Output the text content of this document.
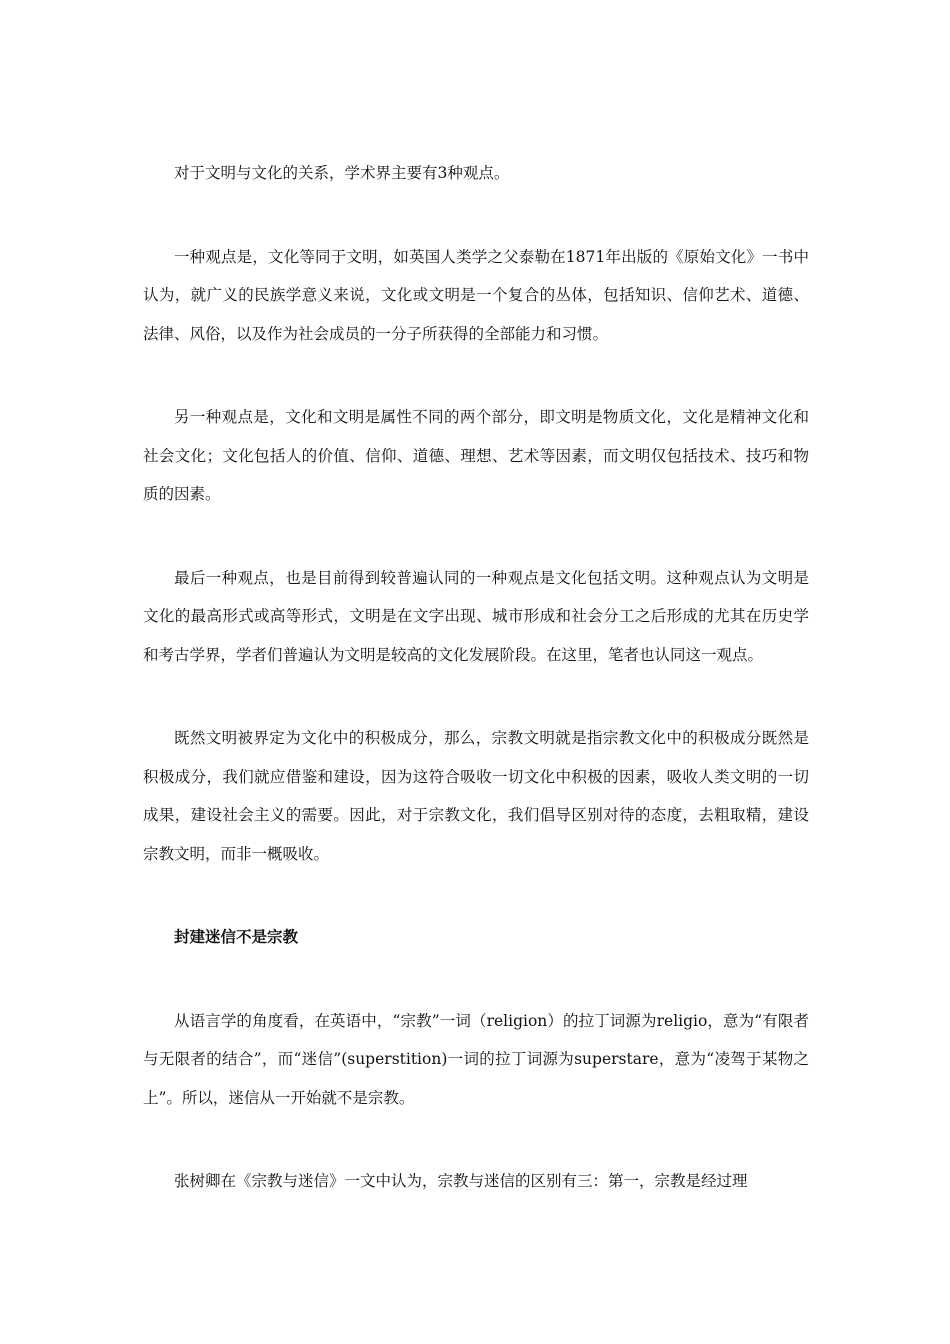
对于文明与文化的关系，学术界主要有3种观点。

一种观点是，文化等同于文明，如英国人类学之父泰勒在1871年出版的《原始文化》一书中认为，就广义的民族学意义来说，文化或文明是一个复合的丛体，包括知识、信仰艺术、道德、法律、风俗，以及作为社会成员的一分子所获得的全部能力和习惯。

另一种观点是，文化和文明是属性不同的两个部分，即文明是物质文化，文化是精神文化和社会文化；文化包括人的价值、信仰、道德、理想、艺术等因素，而文明仅包括技术、技巧和物质的因素。

最后一种观点，也是目前得到较普遍认同的一种观点是文化包括文明。这种观点认为文明是文化的最高形式或高等形式，文明是在文字出现、城市形成和社会分工之后形成的尤其在历史学和考古学界，学者们普遍认为文明是较高的文化发展阶段。在这里，笔者也认同这一观点。

既然文明被界定为文化中的积极成分，那么，宗教文明就是指宗教文化中的积极成分既然是积极成分，我们就应借鉴和建设，因为这符合吸收一切文化中积极的因素，吸收人类文明的一切成果，建设社会主义的需要。因此，对于宗教文化，我们倡导区别对待的态度，去粗取精，建设宗教文明，而非一概吸收。

封建迷信不是宗教

从语言学的角度看，在英语中，“宗教”一词（religion）的拉丁词源为religio，意为“有限者与无限者的结合”，而“迷信”(superstition)一词的拉丁词源为superstare，意为“凌驾于某物之上”。所以，迷信从一开始就不是宗教。

张树卿在《宗教与迷信》一文中认为，宗教与迷信的区别有三：第一，宗教是经过理
